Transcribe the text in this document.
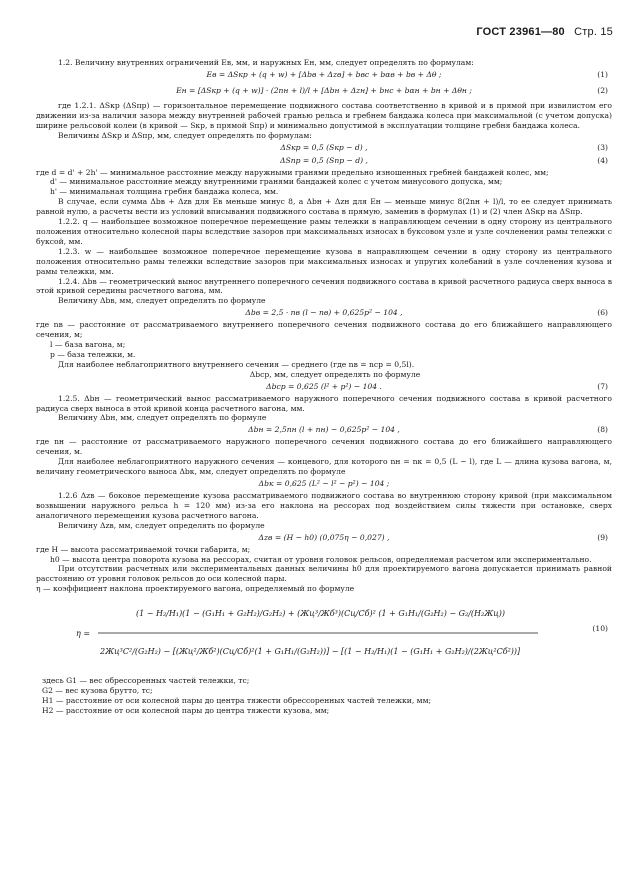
ГОСТ 23961—80 Стр. 15

1.2. Величину внутренних ограничений Eв, мм, и наружных Eн, мм, следует определять по формулам:

Eв = ΔSкр + (q + w) + [Δbв + Δzв] + bвс + bαв + bв + Δθ ;	(1)
Eн = [ΔSкр + (q + w)] · (2nн + l)/l + [Δbн + Δzн] + bнс + bαн + bн + Δθн ;	(2)

где 1.2.1. ΔSкр (ΔSпр) — горизонтальное перемещение подвижного состава соответственно в кривой и в прямой при извилистом его движении из-за наличия зазора между внутренней рабочей гранью рельса и гребнем бандажа колеса при максимальной (с учетом допуска) ширине рельсовой колеи (в кривой — Sкр, в прямой Sпр) и минимально допустимой в эксплуатации толщине гребня бандажа колеса.

Величины ΔSкр и ΔSпр, мм, следует определять по формулам:

ΔSкр = 0,5 (Sкр − d) ,	(3)
ΔSпр = 0,5 (Sпр − d) ,	(4)

где d = d' + 2h' — минимальное расстояние между наружными гранями предельно изношенных гребней бандажей колес, мм;

d' — минимальное расстояние между внутренними гранями бандажей колес с учетом минусового допуска, мм;

h' — минимальная толщина гребня бандажа колеса, мм.

В случае, если сумма Δbв + Δzв для Eв меньше минус 8, а Δbн + Δzн для Eн — меньше минус 8(2nн + l)/l, то ее следует принимать равной нулю, а расчеты вести из условий вписывания подвижного состава в прямую, заменив в формулах (1) и (2) член ΔSкр на ΔSпр.

1.2.2. q — наибольшее возможное поперечное перемещение рамы тележки в направляющем сечении в одну сторону из центрального положения относительно колесной пары вследствие зазоров при максимальных износах в буксовом узле и узле сочленения рамы тележки с буксой, мм.

1.2.3. w — наибольшее возможное поперечное перемещение кузова в направляющем сечении в одну сторону из центрального положения относительно рамы тележки вследствие зазоров при максимальных износах и упругих колебаний в узле сочленения кузова и рамы тележки, мм.

1.2.4. Δbв — геометрический вынос внутреннего поперечного сечения подвижного состава в кривой расчетного радиуса сверх выноса в этой кривой середины расчетного вагона, мм.

Величину Δbв, мм, следует определять по формуле

Δbв = 2,5 · nв (l − nв) + 0,625p² − 104 ,	(6)

где nв — расстояние от рассматриваемого внутреннего поперечного сечения подвижного состава до его ближайшего направляющего сечения, м;

l — база вагона, м;

p — база тележки, м.

Для наиболее неблагоприятного внутреннего сечения — среднего (где nв = nср = 0,5l).

Δbср, мм, следует определять по формуле

Δbср = 0,625 (l² + p²) − 104 .	(7)

1.2.5. Δbн — геометрический вынос рассматриваемого наружного поперечного сечения подвижного состава в кривой расчетного радиуса сверх выноса в этой кривой конца расчетного вагона, мм.

Величину Δbн, мм, следует определять по формуле

Δbн = 2,5nн (l + nн) − 0,625p² − 104 ,	(8)

где nн — расстояние от рассматриваемого наружного поперечного сечения подвижного состава до его ближайшего направляющего сечения, м.

Для наиболее неблагоприятного наружного сечения — концевого, для которого nн = nк = 0,5 (L − l), где L — длина кузова вагона, м, величину геометрического выноса Δbк, мм, следует определять по формуле

Δbк = 0,625 (L² − l² − p²) − 104 ;

1.2.6 Δzв — боковое перемещение кузова рассматриваемого подвижного состава во внутреннюю сторону кривой (при максимальном возвышении наружного рельса h = 120 мм) из-за его наклона на рессорах под воздействием силы тяжести при остановке, сверх аналогичного перемещения кузова расчетного вагона.

Величину Δzв, мм, следует определять по формуле

Δzв = (H − h0) (0,075η − 0,027) ,	(9)

где H — высота рассматриваемой точки габарита, м;

h0 — высота центра поворота кузова на рессорах, считая от уровня головок рельсов, определяемая расчетом или экспериментально.

При отсутствии расчетных или экспериментальных данных величины h0 для проектируемого вагона допускается принимать равной расстоянию от уровня головок рельсов до оси колесной пары.

η — коэффициент наклона проектируемого вагона, определяемый по формуле

η =
(1 − H₂/H₁)(1 − (G₁H₁ + G₂H₂)/G₂H₂) + (Жц³/Жб³)(Cц/Cб)² (1 + G₁H₁/(G₂H₂) − G₂/(H₂Жц))
2Жц³C²/(G₂H₂) − [(Жц²/Жб²)(Cц/Cб)²(1 + G₁H₁/(G₂H₂))] − [(1 − H₂/H₁)(1 − (G₁H₁ + G₂H₂)/(2Жц²Cб²))]
(10)

здесь G1 — вес обрессоренных частей тележки, тс;

G2 — вес кузова брутто, тс;

H1 — расстояние от оси колесной пары до центра тяжести обрессоренных частей тележки, мм;

H2 — расстояние от оси колесной пары до центра тяжести кузова, мм;
